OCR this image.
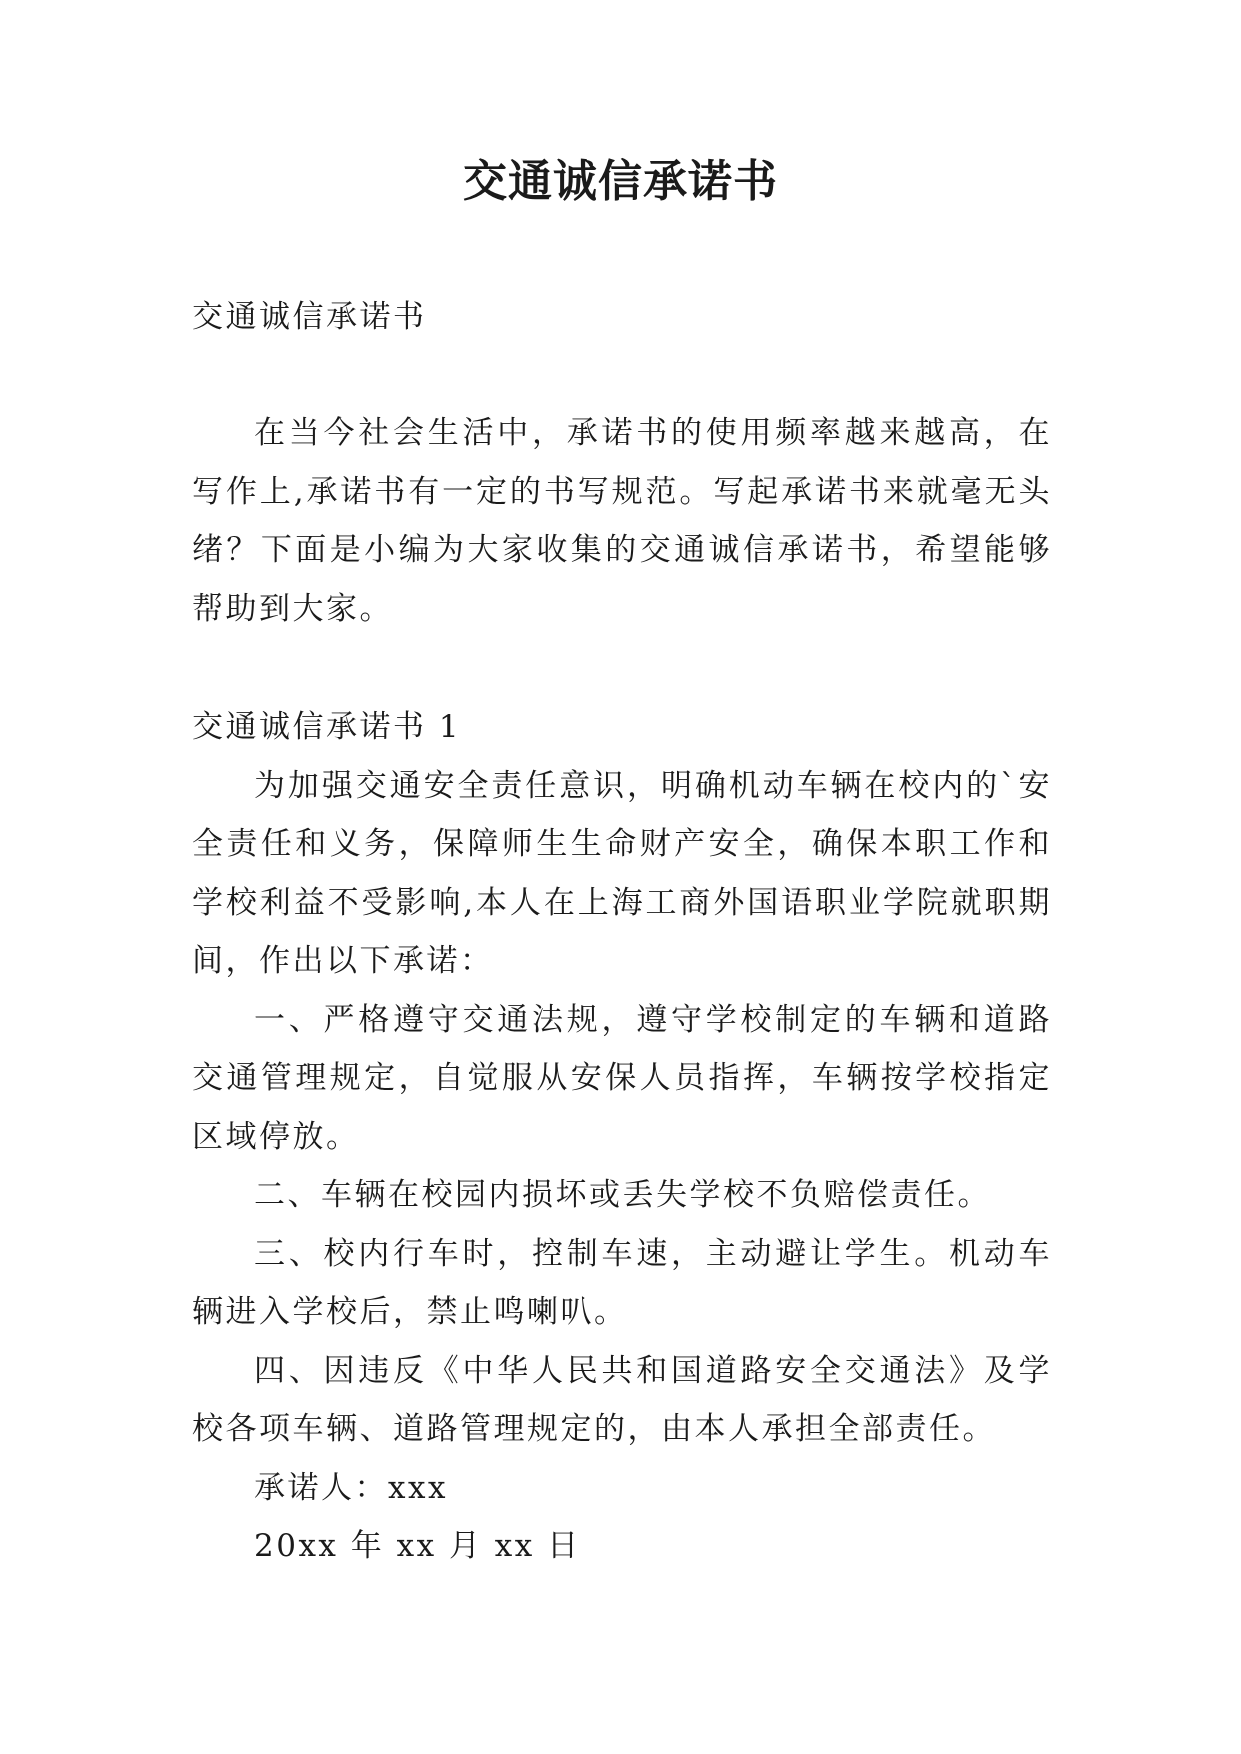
交通诚信承诺书
交通诚信承诺书

在当今社会生活中，承诺书的使用频率越来越高，在写作上,承诺书有一定的书写规范。写起承诺书来就毫无头绪？下面是小编为大家收集的交通诚信承诺书，希望能够帮助到大家。

交通诚信承诺书 1

为加强交通安全责任意识，明确机动车辆在校内的`安全责任和义务，保障师生生命财产安全，确保本职工作和学校利益不受影响,本人在上海工商外国语职业学院就职期间，作出以下承诺：

一、严格遵守交通法规，遵守学校制定的车辆和道路交通管理规定，自觉服从安保人员指挥，车辆按学校指定区域停放。

二、车辆在校园内损坏或丢失学校不负赔偿责任。

三、校内行车时，控制车速，主动避让学生。机动车辆进入学校后，禁止鸣喇叭。

四、因违反《中华人民共和国道路安全交通法》及学校各项车辆、道路管理规定的，由本人承担全部责任。

承诺人：xxx

20xx 年 xx 月 xx 日
